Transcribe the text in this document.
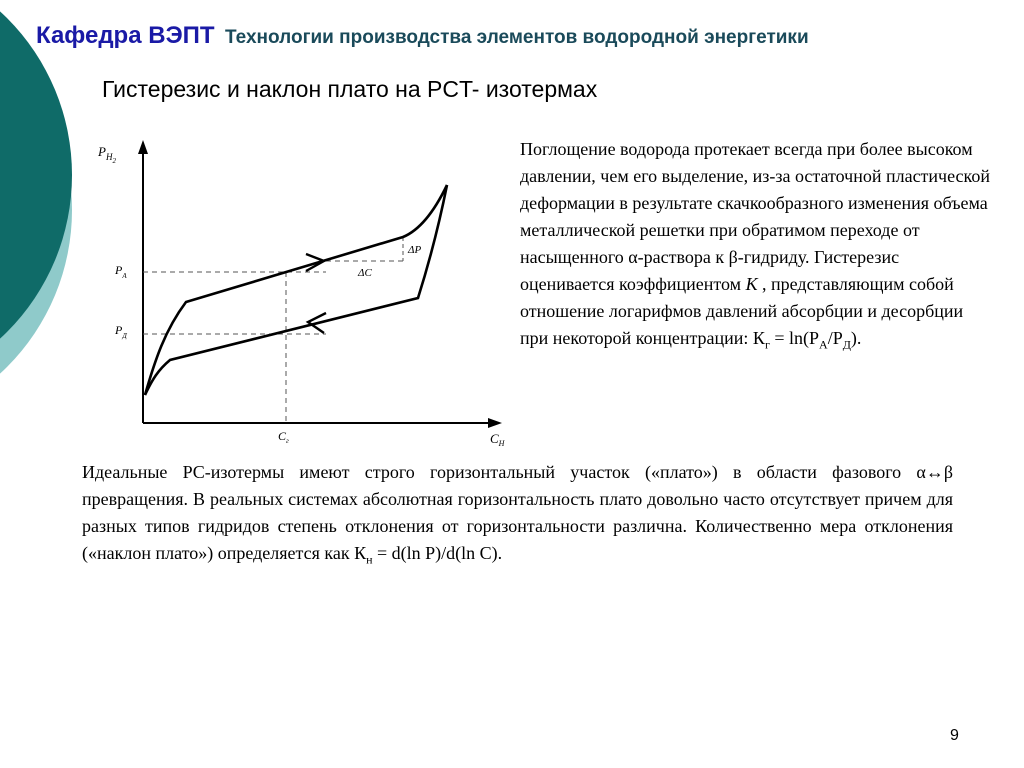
Кафедра ВЭПТ Технологии производства элементов водородной энергетики
Гистерезис и наклон плато на PCT- изотермах
$P_{H2}$
$P_A$
$P_Д$
$C_г$	$C_H$
ΔP
ΔC
Поглощение водорода протекает всегда при более высоком давлении, чем его выделение, из-за остаточной пластической деформации в результате скачкообразного изменения объема металлической решетки при обратимом переходе от насыщенного α-раствора к β-гидриду. Гистерезис оценивается коэффициентом К , представляющим собой отношение логарифмов давлений абсорбции и десорбции при некоторой концентрации: $К_г = \ln(P_A/P_Д)$.
Идеальные PC-изотермы имеют строго горизонтальный участок («плато») в области фазового α↔β превращения. В реальных системах абсолютная горизонтальность плато довольно часто отсутствует причем для разных типов гидридов степень отклонения от горизонтальности различна. Количественно мера отклонения («наклон плато») определяется как $К_н = d(\ln$ P)/d(ln C).
9
